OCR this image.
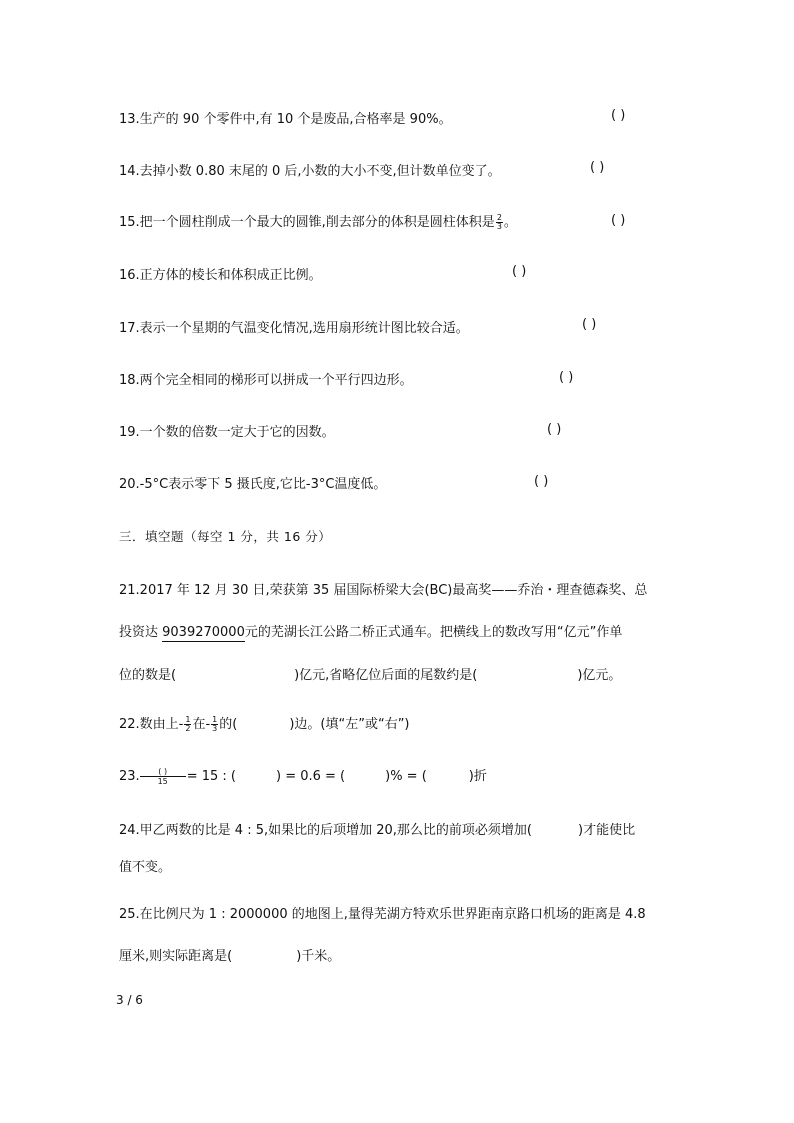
13.生产的 90 个零件中,有 10 个是废品,合格率是 90%。	( )
14.去掉小数 0.80 末尾的 0 后,小数的大小不变,但计数单位变了。	( )
15.把一个圆柱削成一个最大的圆锥,削去部分的体积是圆柱体积是 $\frac{2}{3}$ 。	( )
16.正方体的棱长和体积成正比例。	( )
17.表示一个星期的气温变化情况,选用扇形统计图比较合适。	( )
18.两个完全相同的梯形可以拼成一个平行四边形。	( )
19.一个数的倍数一定大于它的因数。	( )
20.-5°C表示零下 5 摄氏度,它比-3°C温度低。	( )
三．填空题（每空 1 分，共 16 分）
21.2017 年 12 月 30 日,荣获第 35 届国际桥梁大会(BC)最高奖——乔治・理查德森奖、总
投资达 9039270000元的芜湖长江公路二桥正式通车。把横线上的数改写用“亿元”作单
位的数是(	)亿元,省略亿位后面的尾数约是(	)亿元。
22.数由上- $\frac{1}{2}$ 在- $\frac{1}{3}$ 的(	)边。(填“左”或“右”)
23. $\frac{( )}{15} = 15$ : (	) = 0.6 = (	)% = (	)折
24.甲乙两数的比是 4 : 5,如果比的后项增加 20,那么比的前项必须增加(	)才能使比
值不变。
25.在比例尺为 1 : 2000000 的地图上,量得芜湖方特欢乐世界距南京路口机场的距离是 4.8
厘米,则实际距离是(	)千米。
3 / 6
